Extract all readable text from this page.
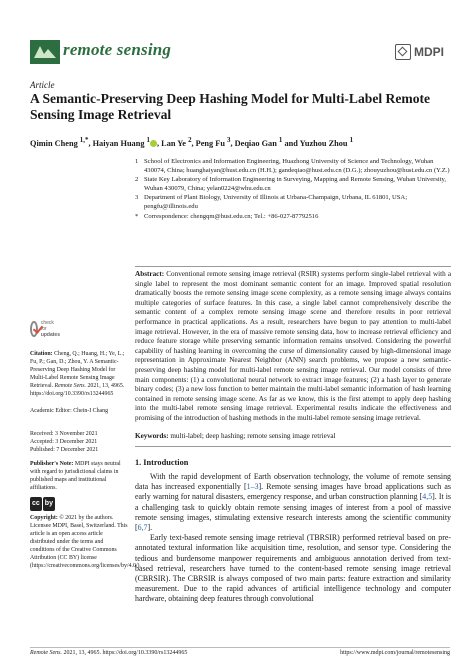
remote sensing	MDPI
Article
A Semantic-Preserving Deep Hashing Model for Multi-Label Remote Sensing Image Retrieval
Qimin Cheng $^{1,*}$, Haiyan Huang $^1$ , Lan Ye $^2$, Peng Fu $^3$, Deqiao Gan $^1$ and Yuzhou Zhou $^1$
1 School of Electronics and Information Engineering, Huazhong University of Science and Technology, Wuhan 430074, China; huanghaiyan@hust.edu.cn (H.H.); gandeqiao@hust.edu.cn (D.G.); zhouyuzhou@hust.edu.cn (Y.Z.)
2 State Key Laboratory of Information Engineering in Surveying, Mapping and Remote Sensing, Wuhan University, Wuhan 430079, China; yelan0224@whu.edu.cn
3 Department of Plant Biology, University of Illinois at Urbana-Champaign, Urbana, IL 61801, USA; pengfu@illinois.edu
* Correspondence: chengqm@hust.edu.cn; Tel.: +86-027-87792516
check for
updates
Citation: Cheng, Q.; Huang, H.; Ye, L.; Fu, P.; Gan, D.; Zhou, Y. A Semantic-Preserving Deep Hashing Model for Multi-Label Remote Sensing Image Retrieval. Remote Sens. 2021, 13, 4965. https://doi.org/10.3390/rs13244965
Academic Editor: Chein-I Chang
Received: 3 November 2021
Accepted: 3 December 2021
Published: 7 December 2021
Publisher's Note: MDPI stays neutral with regard to jurisdictional claims in published maps and institutional affiliations.
cc by
Copyright: © 2021 by the authors. Licensee MDPI, Basel, Switzerland. This article is an open access article distributed under the terms and conditions of the Creative Commons Attribution (CC BY) license (https://creativecommons.org/licenses/by/4.0/).
Abstract: Conventional remote sensing image retrieval (RSIR) systems perform single-label retrieval with a single label to represent the most dominant semantic content for an image. Improved spatial resolution dramatically boosts the remote sensing image scene complexity, as a remote sensing image always contains multiple categories of surface features. In this case, a single label cannot comprehensively describe the semantic content of a complex remote sensing image scene and therefore results in poor retrieval performance in practical applications. As a result, researchers have begun to pay attention to multi-label image retrieval. However, in the era of massive remote sensing data, how to increase retrieval efficiency and reduce feature storage while preserving semantic information remains unsolved. Considering the powerful capability of hashing learning in overcoming the curse of dimensionality caused by high-dimensional image representation in Approximate Nearest Neighbor (ANN) search problems, we propose a new semantic-preserving deep hashing model for multi-label remote sensing image retrieval. Our model consists of three main components: (1) a convolutional neural network to extract image features; (2) a hash layer to generate binary codes; (3) a new loss function to better maintain the multi-label semantic information of hash learning contained in remote sensing image scene. As far as we know, this is the first attempt to apply deep hashing into the multi-label remote sensing image retrieval. Experimental results indicate the effectiveness and promising of the introduction of hashing methods in the multi-label remote sensing image retrieval.
Keywords: multi-label; deep hashing; remote sensing image retrieval
1. Introduction

With the rapid development of Earth observation technology, the volume of remote sensing data has increased exponentially [1–3]. Remote sensing images have broad applications such as early warning for natural disasters, emergency response, and urban construction planning [4,5]. It is a challenging task to quickly obtain remote sensing images of interest from a pool of massive remote sensing images, stimulating extensive research interests among the scientific community [6,7].

Early text-based remote sensing image retrieval (TBRSIR) performed retrieval based on pre-annotated textural information like acquisition time, resolution, and sensor type. Considering the tedious and burdensome manpower requirements and ambiguous annotation derived from text-based retrieval, researchers have turned to the content-based remote sensing image retrieval (CBRSIR). The CBRSIR is always composed of two main parts: feature extraction and similarity measurement. Due to the rapid advances of artificial intelligence technology and computer hardware, obtaining deep features through convolutional

Remote Sens. 2021, 13, 4965. https://doi.org/10.3390/rs13244965	https://www.mdpi.com/journal/remotesensing
